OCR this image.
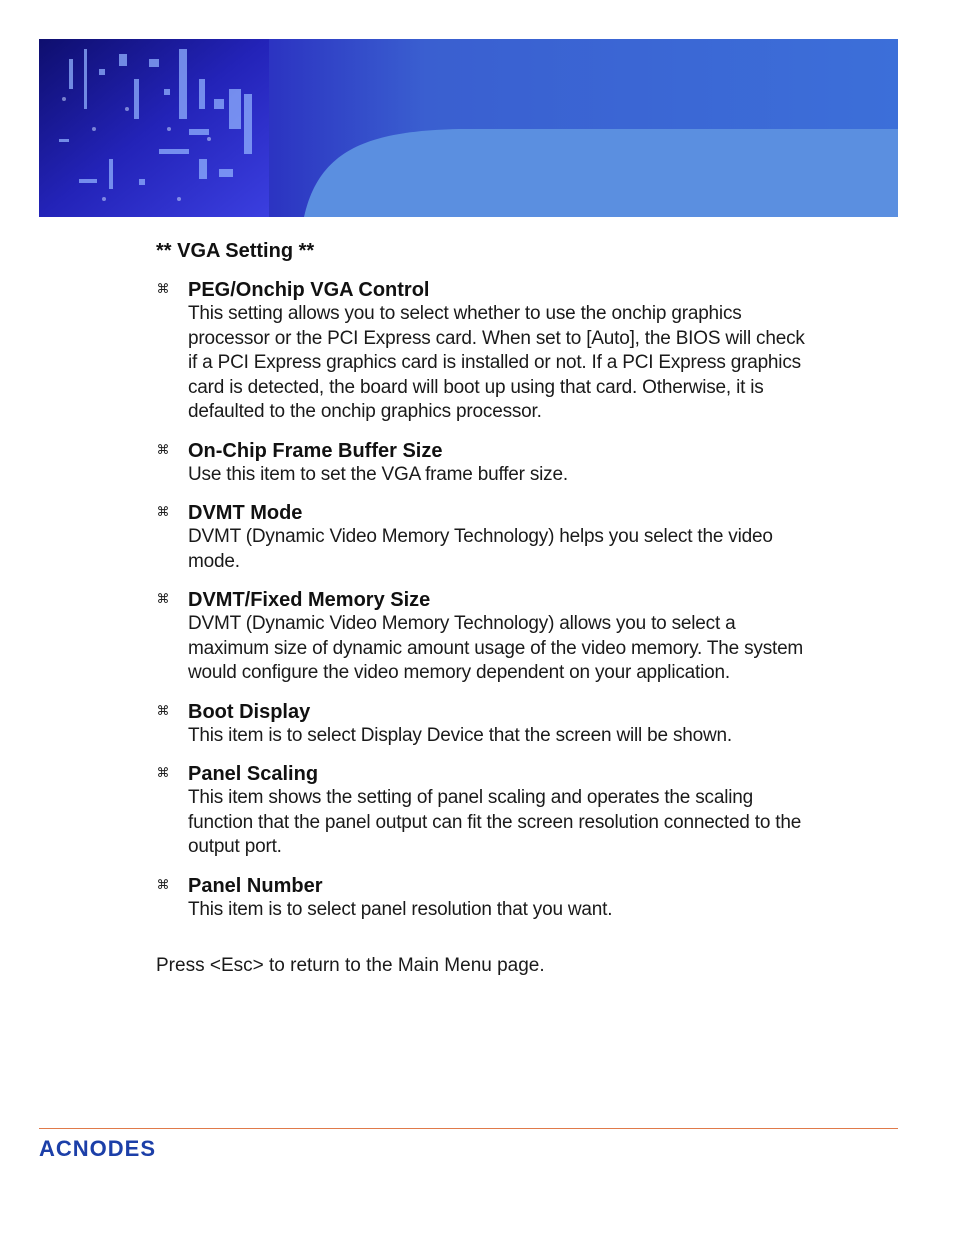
** VGA Setting **
⌘ PEG/Onchip VGA Control
This setting allows you to select whether to use the onchip graphics processor or the PCI Express card. When set to [Auto], the BIOS will check if a PCI Express graphics card is installed or not. If a PCI Express graphics card is detected, the board will boot up using that card. Otherwise, it is defaulted to the onchip graphics processor.
⌘ On-Chip Frame Buffer Size
Use this item to set the VGA frame buffer size.
⌘ DVMT Mode
DVMT (Dynamic Video Memory Technology) helps you select the video mode.
⌘ DVMT/Fixed Memory Size
DVMT (Dynamic Video Memory Technology) allows you to select a maximum size of dynamic amount usage of the video memory. The system would configure the video memory dependent on your application.
⌘ Boot Display
This item is to select Display Device that the screen will be shown.
⌘ Panel Scaling
This item shows the setting of panel scaling and operates the scaling function that the panel output can fit the screen resolution connected to the output port.
⌘ Panel Number
This item is to select panel resolution that you want.
Press <Esc> to return to the Main Menu page.
ACNODES
